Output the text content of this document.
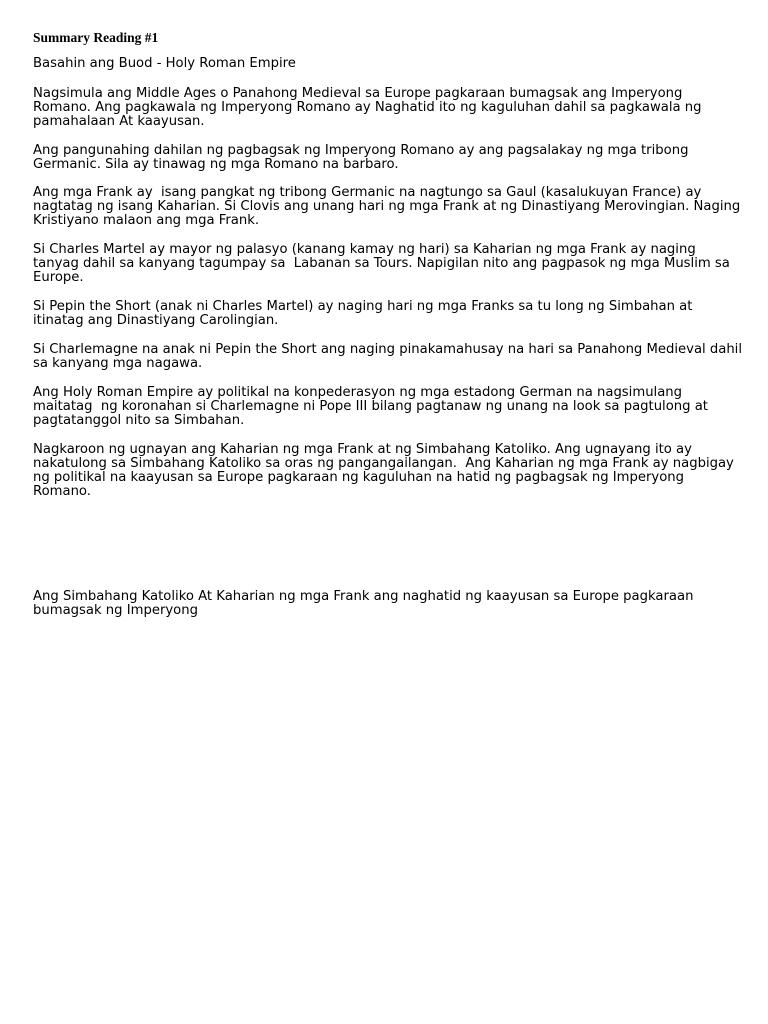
Summary Reading #1

Basahin ang Buod - Holy Roman Empire

Nagsimula ang Middle Ages o Panahong Medieval sa Europe pagkaraan bumagsak ang Imperyong Romano. Ang pagkawala ng Imperyong Romano ay Naghatid ito ng kaguluhan dahil sa pagkawala ng pamahalaan At kaayusan.

Ang pangunahing dahilan ng pagbagsak ng Imperyong Romano ay ang pagsalakay ng mga tribong Germanic. Sila ay tinawag ng mga Romano na barbaro.

Ang mga Frank ay  isang pangkat ng tribong Germanic na nagtungo sa Gaul (kasalukuyan France) ay nagtatag ng isang Kaharian. Si Clovis ang unang hari ng mga Frank at ng Dinastiyang Merovingian. Naging Kristiyano malaon ang mga Frank.

Si Charles Martel ay mayor ng palasyo (kanang kamay ng hari) sa Kaharian ng mga Frank ay naging tanyag dahil sa kanyang tagumpay sa  Labanan sa Tours. Napigilan nito ang pagpasok ng mga Muslim sa Europe.

Si Pepin the Short (anak ni Charles Martel) ay naging hari ng mga Franks sa tu long ng Simbahan at itinatag ang Dinastiyang Carolingian.

Si Charlemagne na anak ni Pepin the Short ang naging pinakamahusay na hari sa Panahong Medieval dahil sa kanyang mga nagawa.

Ang Holy Roman Empire ay politikal na konpederasyon ng mga estadong German na nagsimulang maitatag  ng koronahan si Charlemagne ni Pope III bilang pagtanaw ng unang na look sa pagtulong at pagtatanggol nito sa Simbahan.

Nagkaroon ng ugnayan ang Kaharian ng mga Frank at ng Simbahang Katoliko. Ang ugnayang ito ay nakatulong sa Simbahang Katoliko sa oras ng pangangailangan.  Ang Kaharian ng mga Frank ay nagbigay ng politikal na kaayusan sa Europe pagkaraan ng kaguluhan na hatid ng pagbagsak ng Imperyong Romano.

Ang Simbahang Katoliko At Kaharian ng mga Frank ang naghatid ng kaayusan sa Europe pagkaraan bumagsak ng Imperyong
